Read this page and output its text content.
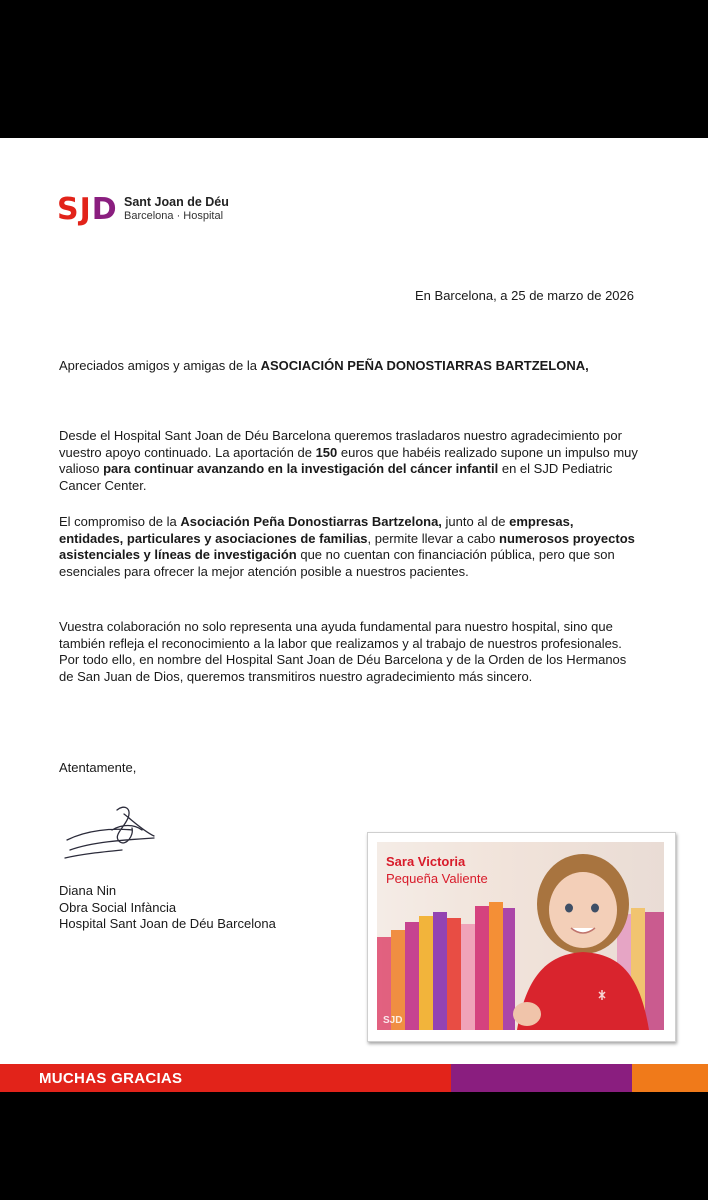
SJD Sant Joan de Déu
Barcelona · Hospital
En Barcelona, a 25 de marzo de 2026
Apreciados amigos y amigas de la ASOCIACIÓN PEÑA DONOSTIARRAS BARTZELONA,
Desde el Hospital Sant Joan de Déu Barcelona queremos trasladaros nuestro agradecimiento por vuestro apoyo continuado. La aportación de 150 euros que habéis realizado supone un impulso muy valioso para continuar avanzando en la investigación del cáncer infantil en el SJD Pediatric Cancer Center.
El compromiso de la Asociación Peña Donostiarras Bartzelona, junto al de empresas, entidades, particulares y asociaciones de familias, permite llevar a cabo numerosos proyectos asistenciales y líneas de investigación que no cuentan con financiación pública, pero que son esenciales para ofrecer la mejor atención posible a nuestros pacientes.
Vuestra colaboración no solo representa una ayuda fundamental para nuestro hospital, sino que también refleja el reconocimiento a la labor que realizamos y al trabajo de nuestros profesionales. Por todo ello, en nombre del Hospital Sant Joan de Déu Barcelona y de la Orden de los Hermanos de San Juan de Dios, queremos transmitiros nuestro agradecimiento más sincero.
Atentamente,
Diana Nin
Obra Social Infància
Hospital Sant Joan de Déu Barcelona
Sara Victoria
Pequeña Valiente
SJD
MUCHAS GRACIAS
